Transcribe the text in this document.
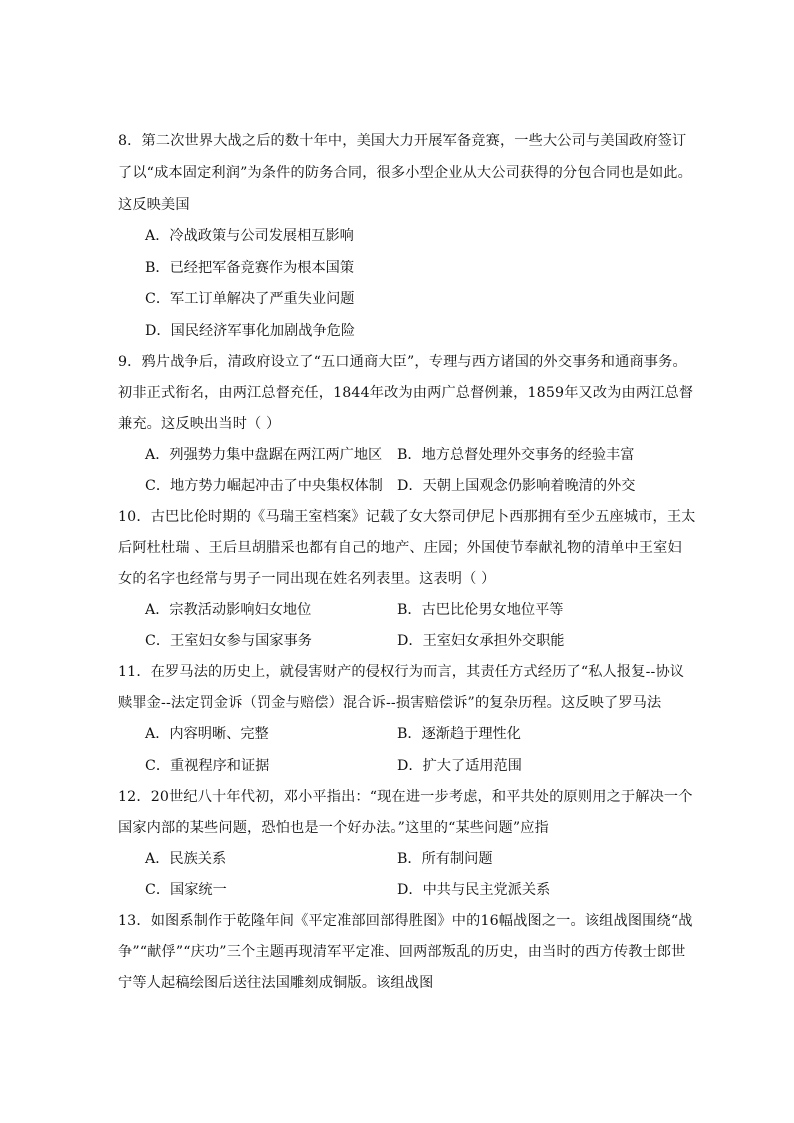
8．第二次世界大战之后的数十年中，美国大力开展军备竞赛，一些大公司与美国政府签订
了以“成本固定利润”为条件的防务合同，很多小型企业从大公司获得的分包合同也是如此。
这反映美国
A．冷战政策与公司发展相互影响
B．已经把军备竞赛作为根本国策
C．军工订单解决了严重失业问题
D．国民经济军事化加剧战争危险
9．鸦片战争后，清政府设立了“五口通商大臣”，专理与西方诸国的外交事务和通商事务。
初非正式衔名，由两江总督充任，1844年改为由两广总督例兼，1859年又改为由两江总督
兼充。这反映出当时（ ）
A．列强势力集中盘踞在两江两广地区 B．地方总督处理外交事务的经验丰富
C．地方势力崛起冲击了中央集权体制 D．天朝上国观念仍影响着晚清的外交
10．古巴比伦时期的《马瑞王室档案》记载了女大祭司伊尼卜西那拥有至少五座城市，王太
后阿杜杜瑞 、王后旦胡腊采也都有自己的地产、庄园；外国使节奉献礼物的清单中王室妇
女的名字也经常与男子一同出现在姓名列表里。这表明（ ）
A．宗教活动影响妇女地位	B．古巴比伦男女地位平等
C．王室妇女参与国家事务	D．王室妇女承担外交职能
11．在罗马法的历史上，就侵害财产的侵权行为而言，其责任方式经历了“私人报复--协议
赎罪金--法定罚金诉（罚金与赔偿）混合诉--损害赔偿诉”的复杂历程。这反映了罗马法
A．内容明晰、完整	B．逐渐趋于理性化
C．重视程序和证据	D．扩大了适用范围
12．20世纪八十年代初，邓小平指出：“现在进一步考虑，和平共处的原则用之于解决一个
国家内部的某些问题，恐怕也是一个好办法。”这里的“某些问题”应指
A．民族关系	B．所有制问题
C．国家统一	D．中共与民主党派关系
13．如图系制作于乾隆年间《平定准部回部得胜图》中的16幅战图之一。该组战图围绕“战
争”“献俘”“庆功”三个主题再现清军平定准、回两部叛乱的历史，由当时的西方传教士郎世
宁等人起稿绘图后送往法国雕刻成铜版。该组战图
